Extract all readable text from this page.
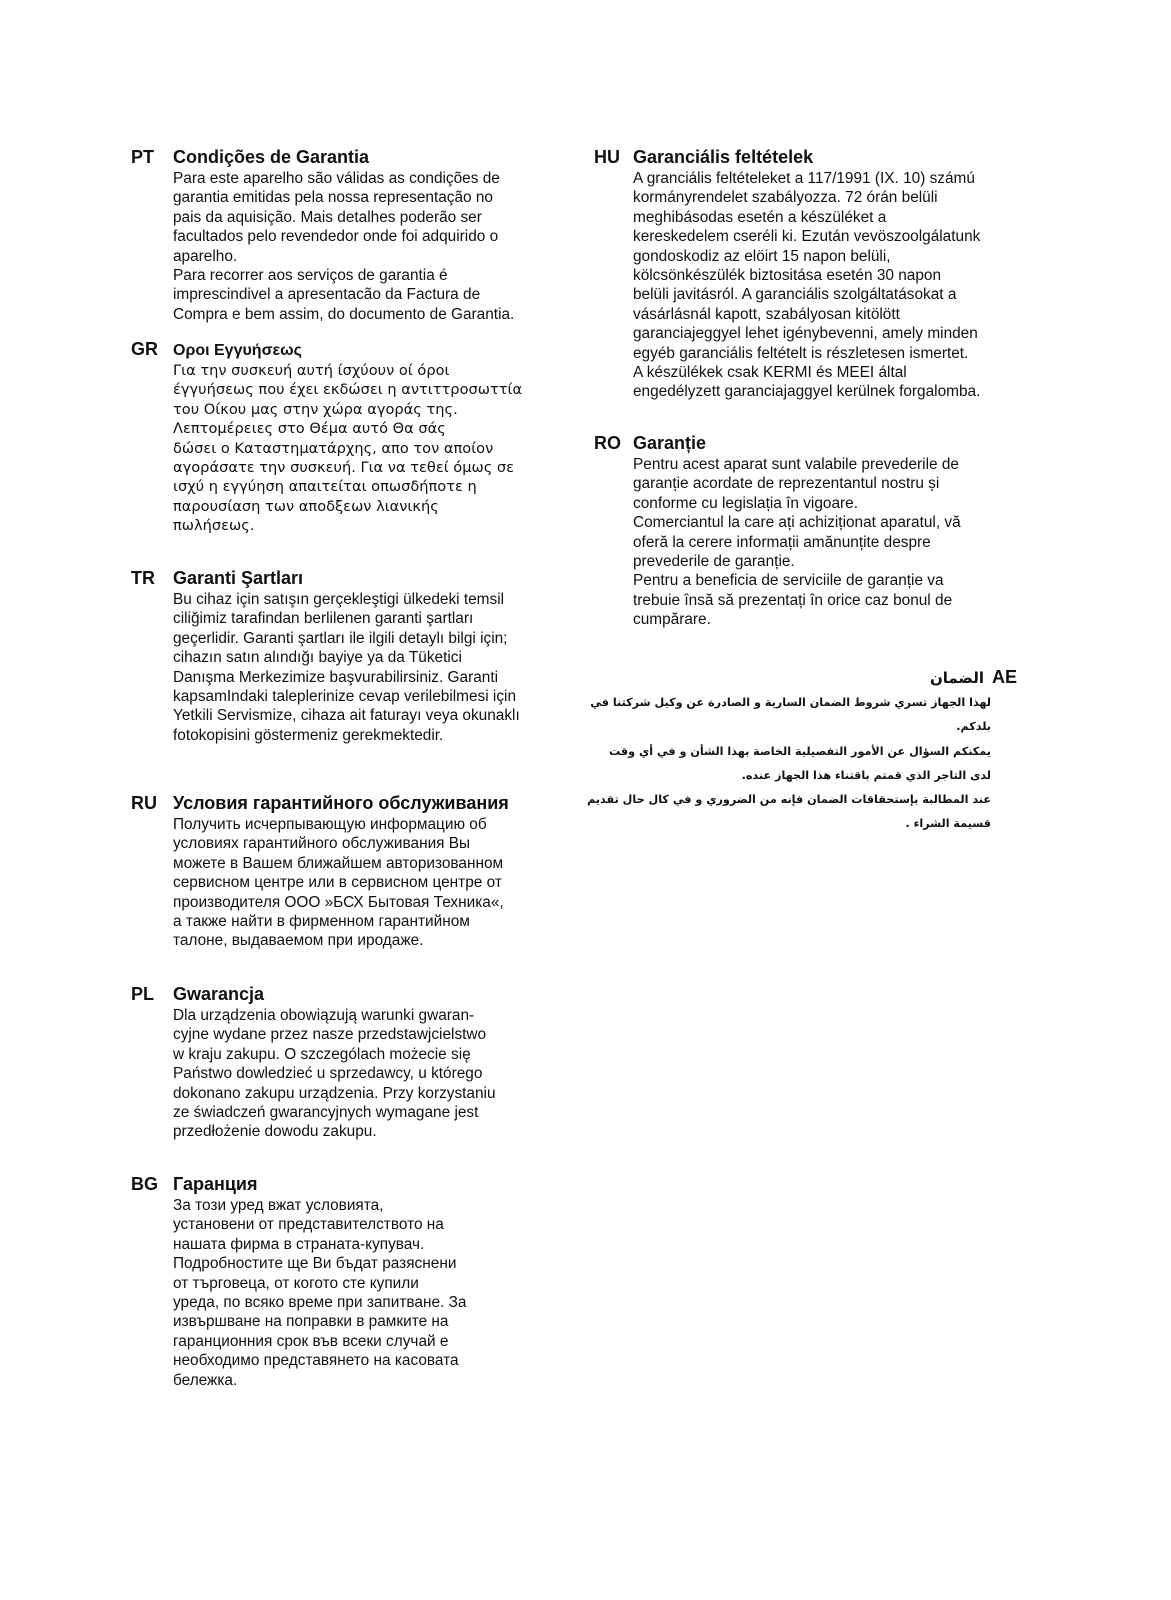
PT	Condições de Garantia
Para este aparelho são válidas as condições de
garantia emitidas pela nossa representação no
pais da aquisição. Mais detalhes poderão ser
facultados pelo revendedor onde foi adquirido o
aparelho.
Para recorrer aos serviços de garantia é
imprescindivel a apresentacão da Factura de
Compra e bem assim, do documento de Garantia.
GR Οροι Εγγυήσεως
Για την συσκευή αυτή ίσχύουν οί όροι
έγγυήσεως που έχει εκδώσει η αντιττροσωττία
του Οίκου μας στην χώρα αγοράς της.
Λεπτομέρειες στο Θέμα αυτό Θα σάς
δώσει ο Καταστηματάρχης, απο τον αποίον
αγοράσατε την συσκευή. Για να τεθεί όμως σε
ισχύ η εγγύηση απαιτείται οπωσδήποτε η
παρουσίαση των αποδξεων λιανικής
πωλήσεως.
TR	Garanti Şartları
Bu cihaz için satışın gerçekleştigi ülkedeki temsil
ciliğimiz tarafindan berlilenen garanti şartları
geçerlidir. Garanti şartları ile ilgili detaylı bilgi için;
cihazın satın alındığı bayiye ya da Tüketici
Danışma Merkezimize başvurabilirsiniz. Garanti
kapsamIndaki taleplerinize cevap verilebilmesi için
Yetkili Servismize, cihaza ait faturayı veya okunaklı
fotokopisini göstermeniz gerekmektedir.
RU Условия гарантийного обслуживания
Получить исчерпывающую информацию об
условиях гарантийного обслуживания Вы
можете в Вашем ближайшем авторизованном
сервисном центре или в сервисном центре от
производителя ООО »БСХ Бытовая Техника«,
а также найти в фирменном гарантийном
талоне, выдаваемом при иродаже.
PL	Gwarancja
Dla urządzenia obowiązują warunki gwaran-
cyjne wydane przez nasze przedstawjcielstwo
w kraju zakupu. O szczególach możecie się
Państwo dowledzieć u sprzedawcy, u którego
dokonano zakupu urządzenia. Przy korzystaniu
ze świadczeń gwarancyjnych wymagane jest
przedłożenie dowodu zakupu.
BG Гаранция
За този уред вжат условията,
установени от представителството на
нашата фирма в страната-купувач.
Подробностите ще Ви бъдат разяснени
от търговеца, от когото сте купили
уреда, по всяко време при запитване. За
извършване на поправки в рамките на
гаранционния срок във всеки случай е
необходимо представянето на касовата
бележка.
HU Garanciális feltételek
A granciális feltételeket a 117/1991 (IX. 10) számú
kormányrendelet szabályozza. 72 órán belüli
meghibásodas esetén a készüléket a
kereskedelem cseréli ki. Ezután vevöszoolgálatunk
gondoskodiz az elöirt 15 napon belüli,
kölcsönkészülék biztositása esetén 30 napon
belüli javitásról. A garanciális szolgáltatásokat a
vásárlásnál kapott, szabályosan kitölött
garanciajeggyel lehet igénybevenni, amely minden
egyéb garanciális feltételt is részletesen ismertet.
A készülékek csak KERMI és MEEI által
engedélyzett garanciajaggyel kerülnek forgalomba.
RO Garanție
Pentru acest aparat sunt valabile prevederile de
garanție acordate de reprezentantul nostru și
conforme cu legislația în vigoare.
Comerciantul la care ați achiziționat aparatul, vă
oferă la cerere informații amănunțite despre
prevederile de garanție.
Pentru a beneficia de serviciile de garanție va
trebuie însă să prezentați în orice caz bonul de
cumpărare.
AE
الضمان
لهذا الجهاز تسري شروط الضمان السارية و الصادرة عن وكيل شركتنا في
بلدكم.
يمكنكم السؤال عن الأمور التفصيلية الخاصة بهذا الشأن و في أي وقت
لدى التاجر الذي قمتم باقتناء هذا الجهاز عنده.
عند المطالبة بإستحقاقات الضمان فإنه من الضروري و في كال حال تقديم
قسيمة الشراء .
